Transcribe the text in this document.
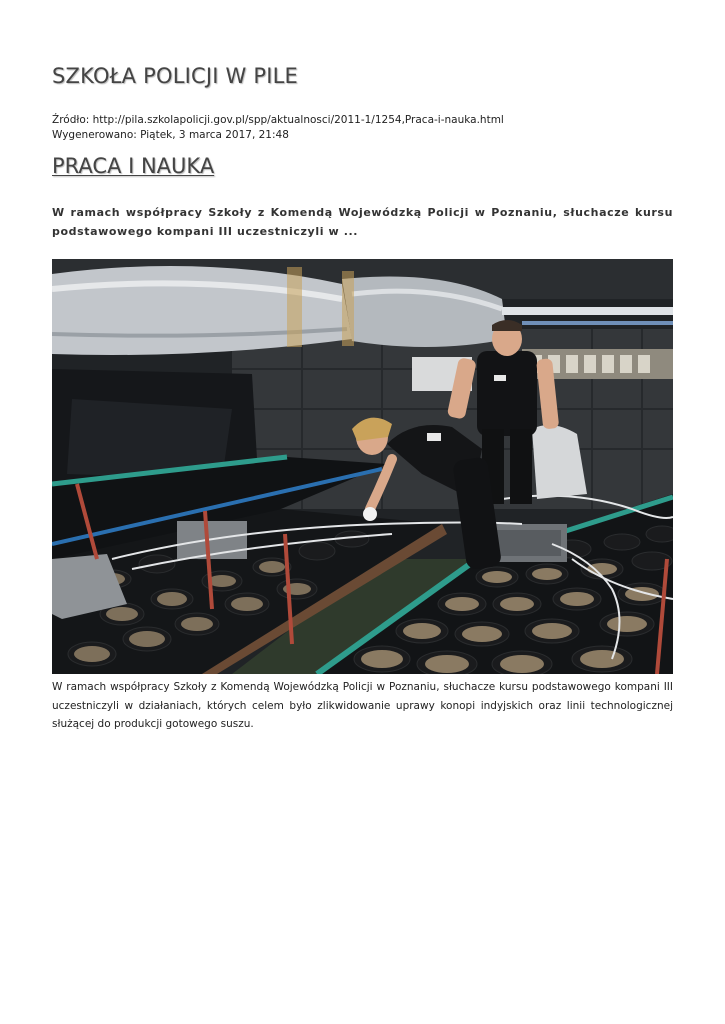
SZKOŁA POLICJI W PILE
Źródło: http://pila.szkolapolicji.gov.pl/spp/aktualnosci/2011-1/1254,Praca-i-nauka.html
Wygenerowano: Piątek, 3 marca 2017, 21:48
PRACA I NAUKA

W ramach współpracy Szkoły z Komendą Wojewódzką Policji w Poznaniu, słuchacze kursu podstawowego kompani III uczestniczyli w ...

W ramach współpracy Szkoły z Komendą Wojewódzką Policji w Poznaniu, słuchacze kursu podstawowego kompani III uczestniczyli w działaniach, których celem było zlikwidowanie uprawy konopi indyjskich oraz linii technologicznej służącej do produkcji gotowego suszu.
